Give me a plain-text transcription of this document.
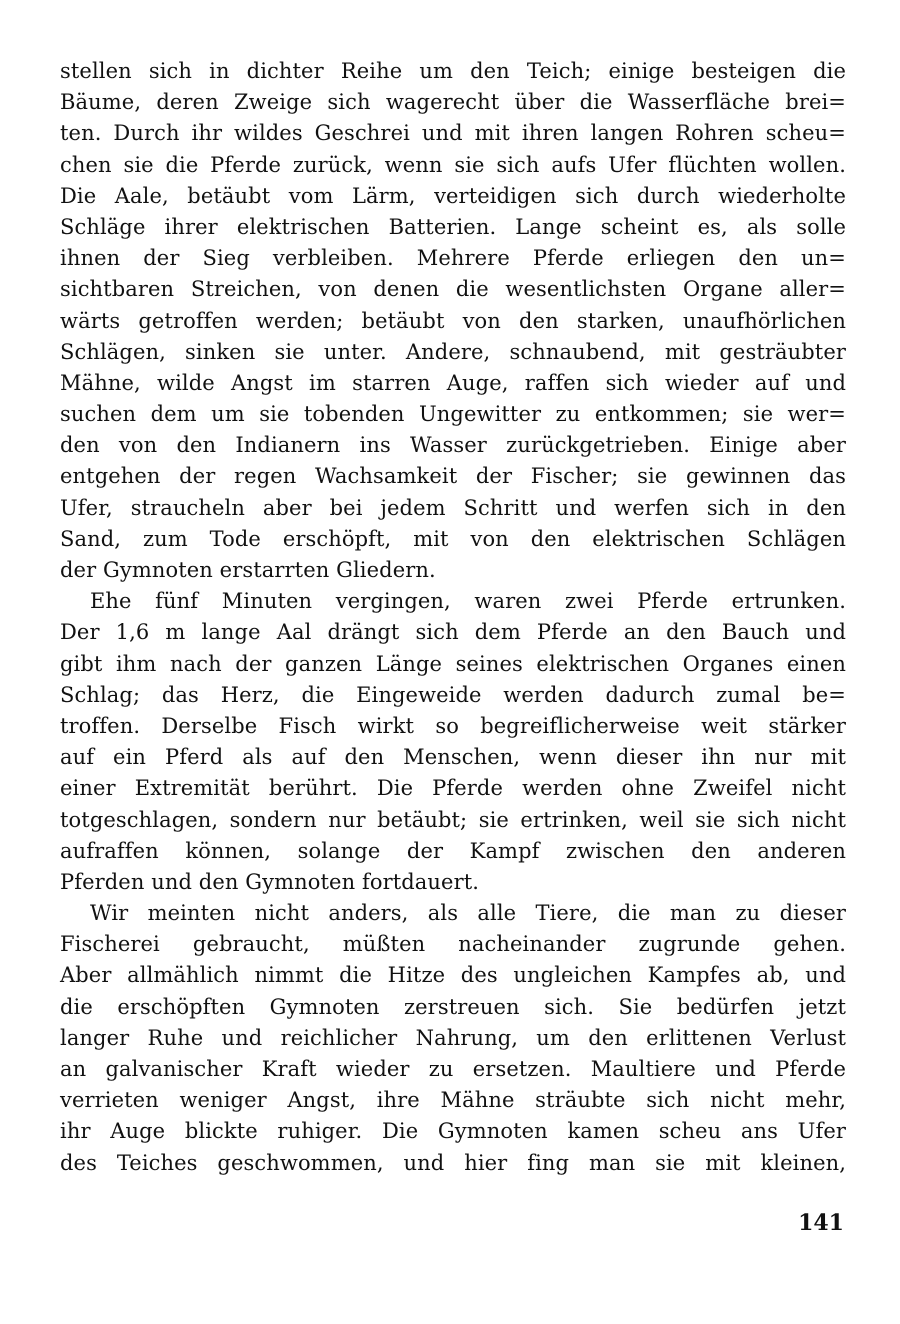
stellen sich in dichter Reihe um den Teich; einige besteigen die
Bäume, deren Zweige sich wagerecht über die Wasserfläche brei=
ten. Durch ihr wildes Geschrei und mit ihren langen Rohren scheu=
chen sie die Pferde zurück, wenn sie sich aufs Ufer flüchten wollen.
Die Aale, betäubt vom Lärm, verteidigen sich durch wiederholte
Schläge ihrer elektrischen Batterien. Lange scheint es, als solle
ihnen der Sieg verbleiben. Mehrere Pferde erliegen den un=
sichtbaren Streichen, von denen die wesentlichsten Organe aller=
wärts getroffen werden; betäubt von den starken, unaufhörlichen
Schlägen, sinken sie unter. Andere, schnaubend, mit gesträubter
Mähne, wilde Angst im starren Auge, raffen sich wieder auf und
suchen dem um sie tobenden Ungewitter zu entkommen; sie wer=
den von den Indianern ins Wasser zurückgetrieben. Einige aber
entgehen der regen Wachsamkeit der Fischer; sie gewinnen das
Ufer, straucheln aber bei jedem Schritt und werfen sich in den
Sand, zum Tode erschöpft, mit von den elektrischen Schlägen
der Gymnoten erstarrten Gliedern.
Ehe fünf Minuten vergingen, waren zwei Pferde ertrunken.
Der 1,6 m lange Aal drängt sich dem Pferde an den Bauch und
gibt ihm nach der ganzen Länge seines elektrischen Organes einen
Schlag; das Herz, die Eingeweide werden dadurch zumal be=
troffen. Derselbe Fisch wirkt so begreiflicherweise weit stärker
auf ein Pferd als auf den Menschen, wenn dieser ihn nur mit
einer Extremität berührt. Die Pferde werden ohne Zweifel nicht
totgeschlagen, sondern nur betäubt; sie ertrinken, weil sie sich nicht
aufraffen können, solange der Kampf zwischen den anderen
Pferden und den Gymnoten fortdauert.
Wir meinten nicht anders, als alle Tiere, die man zu dieser
Fischerei gebraucht, müßten nacheinander zugrunde gehen.
Aber allmählich nimmt die Hitze des ungleichen Kampfes ab, und
die erschöpften Gymnoten zerstreuen sich. Sie bedürfen jetzt
langer Ruhe und reichlicher Nahrung, um den erlittenen Verlust
an galvanischer Kraft wieder zu ersetzen. Maultiere und Pferde
verrieten weniger Angst, ihre Mähne sträubte sich nicht mehr,
ihr Auge blickte ruhiger. Die Gymnoten kamen scheu ans Ufer
des Teiches geschwommen, und hier fing man sie mit kleinen,
141
